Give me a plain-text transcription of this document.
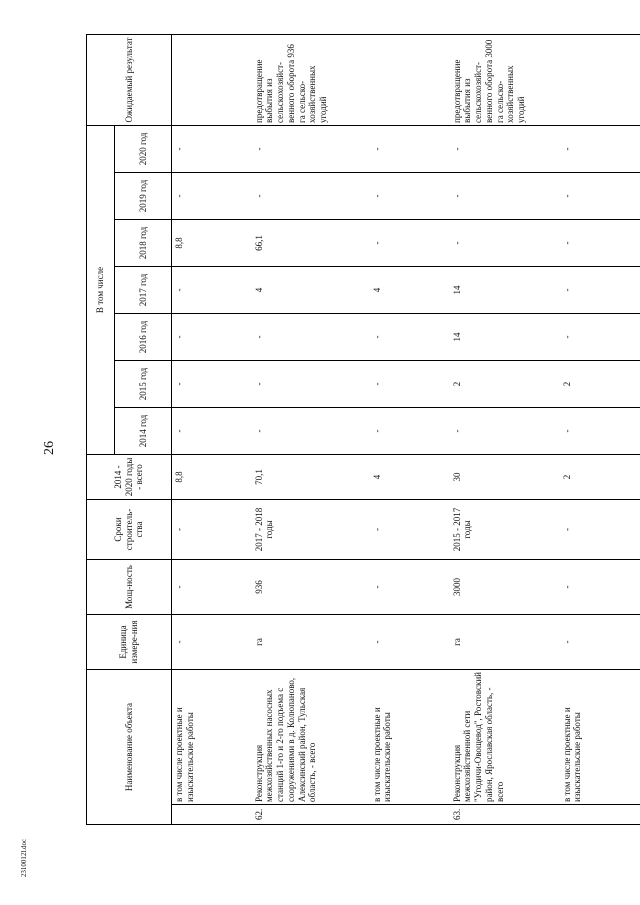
26
2310012l.doc
Наименование объекта		Единица измере-ния	Мощ-ность	Сроки строитель-ства	2014 - 2020 годы - всего	В том числе							Ожидаемый результат
						2014 год	2015 год	2016 год	2017 год	2018 год	2019 год	2020 год	
	в том числе проектные и изыскательские работы	-	-	-	8,8	-	-	-	-	8,8	-	-	
62.	Реконструкция межхозяйственных насосных станций 1-го и 2-го подъема с сооружениями в д. Колюпаново, Алексинский район, Тульская область, - всего	га	936	2017 - 2018 годы	70,1	-	-	-	4	66,1	-	-	предотвращение выбытия из сельскохозяйст-венного оборота 936 га сельско-хозяйственных угодий
	в том числе проектные и изыскательские работы	-	-	-	4	-	-	-	4	-	-	-	
63.	Реконструкция межхозяйственной сети "Угодичи-Овощевод", Ростовский район, Ярославская область, - всего	га	3000	2015 - 2017 годы	30	-	2	14	14	-	-	-	предотвращение выбытия из сельскохозяйст-венного оборота 3000 га сельско-хозяйственных угодий
	в том числе проектные и изыскательские работы	-	-	-	2	-	2	-	-	-	-	-	
